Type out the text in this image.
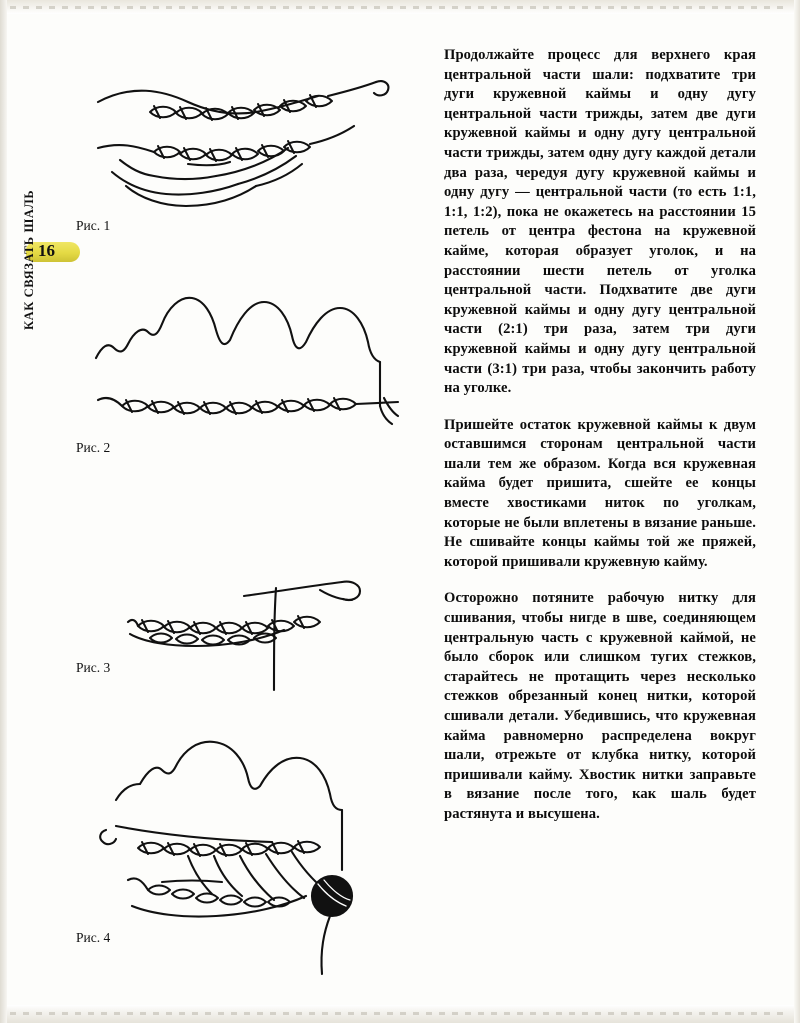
16
КАК СВЯЗАТЬ ШАЛЬ	Рис. 1
Рис. 2
Рис. 3
Рис. 4

Продолжайте процесс для верхнего края центральной части шали: подхватите три дуги кружевной каймы и одну дугу центральной части трижды, затем две дуги кружевной каймы и одну дугу центральной части трижды, затем одну дугу каждой детали два раза, чередуя дугу кружевной каймы и одну дугу — центральной части (то есть 1:1, 1:1, 1:2), пока не окажетесь на расстоянии 15 петель от центра фестона на кружевной кайме, которая образует уголок, и на расстоянии шести петель от уголка центральной части. Подхватите две дуги кружевной каймы и одну дугу центральной части (2:1) три раза, затем три дуги кружевной каймы и одну дугу центральной части (3:1) три раза, чтобы закончить работу на уголке.

Пришейте остаток кружевной каймы к двум оставшимся сторонам центральной части шали тем же образом. Когда вся кружевная кайма будет пришита, сшейте ее концы вместе хвостиками ниток по уголкам, которые не были вплетены в вязание раньше. Не сшивайте концы каймы той же пряжей, которой пришивали кружевную кайму.

Осторожно потяните рабочую нитку для сшивания, чтобы нигде в шве, соединяющем центральную часть с кружевной каймой, не было сборок или слишком тугих стежков, старайтесь не протащить через несколько стежков обрезанный конец нитки, которой сшивали детали. Убедившись, что кружевная кайма равномерно распределена вокруг шали, отрежьте от клубка нитку, которой пришивали кайму. Хвостик нитки заправьте в вязание после того, как шаль будет растянута и высушена.
